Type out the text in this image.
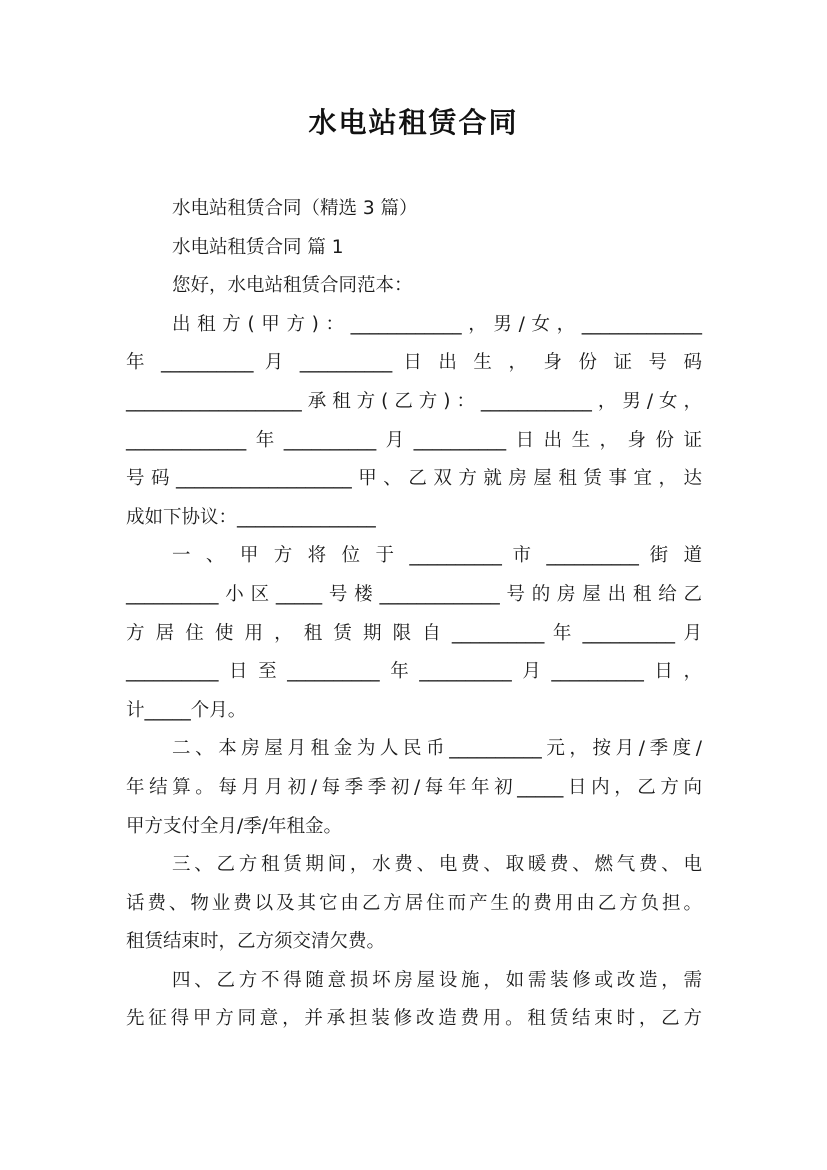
水电站租赁合同
水电站租赁合同（精选 3 篇）
水电站租赁合同 篇 1
您好，水电站租赁合同范本：
出租方(甲方)：____________，男/女，_____________
年 __________ 月 __________ 日 出 生 ， 身 份 证 号 码
___________________承租方(乙方)：____________，男/女，
_____________年__________月__________日出生，身份证
号码___________________甲、乙双方就房屋租赁事宜，达
成如下协议：_______________
一 、 甲 方 将 位 于 __________ 市 __________ 街 道
__________小区_____号楼_____________号的房屋出租给乙
方 居 住 使 用 ， 租 赁 期 限 自 __________ 年 __________ 月
__________日至__________年__________月__________日，
计_____个月。
二、本房屋月租金为人民币__________元，按月/季度/
年结算。每月月初/每季季初/每年年初_____日内，乙方向
甲方支付全月/季/年租金。
三、乙方租赁期间，水费、电费、取暖费、燃气费、电
话费、物业费以及其它由乙方居住而产生的费用由乙方负担。
租赁结束时，乙方须交清欠费。
四、乙方不得随意损坏房屋设施，如需装修或改造，需
先征得甲方同意，并承担装修改造费用。租赁结束时，乙方
